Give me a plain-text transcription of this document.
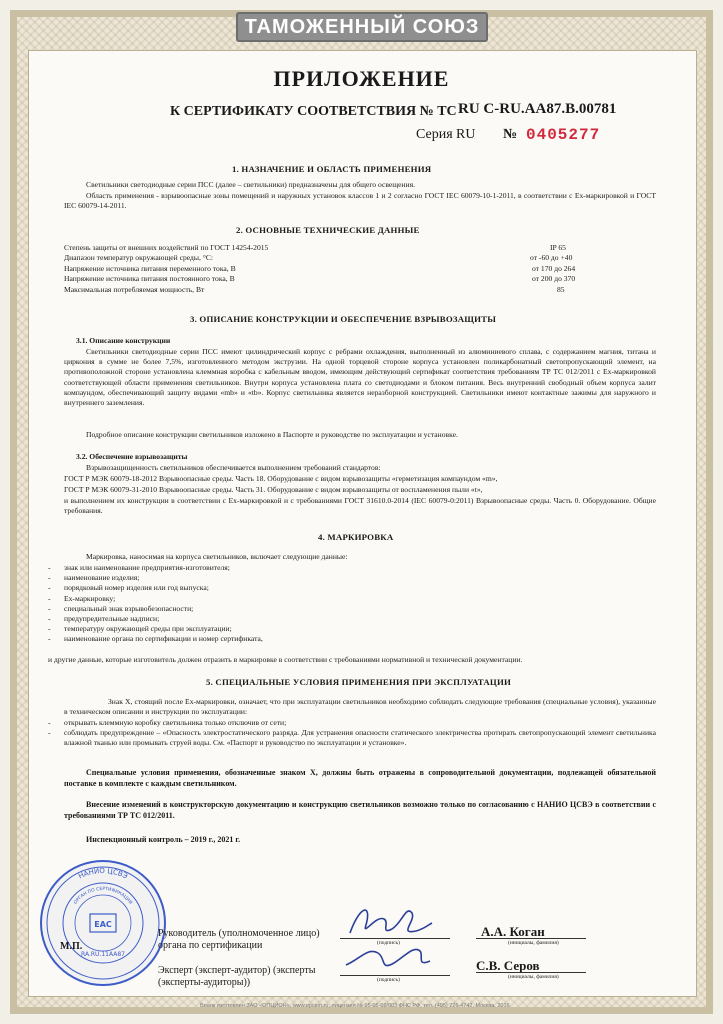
ТАМОЖЕННЫЙ СОЮЗ
ПРИЛОЖЕНИЕ
К СЕРТИФИКАТУ СООТВЕТСТВИЯ № ТС RU C-RU.AA87.B.00781
Серия RU № 0405277
1. НАЗНАЧЕНИЕ И ОБЛАСТЬ ПРИМЕНЕНИЯ
Светильники светодиодные серии ПСС (далее – светильники) предназначены для общего освещения.
Область применения - взрывоопасные зоны помещений и наружных установок классов 1 и 2 согласно ГОСТ IEC 60079-10-1-2011, в соответствии с Ex-маркировкой и ГОСТ IEC 60079-14-2011.
2. ОСНОВНЫЕ ТЕХНИЧЕСКИЕ ДАННЫЕ
Степень защиты от внешних воздействий по ГОСТ 14254-2015	IP 65
Диапазон температур окружающей среды, °С:	от -60 до +40
Напряжение источника питания переменного тока, В	от 170 до 264
Напряжение источника питания постоянного тока, В	от 200 до 370
Максимальная потребляемая мощность, Вт	85
3. ОПИСАНИЕ КОНСТРУКЦИИ И ОБЕСПЕЧЕНИЕ ВЗРЫВОЗАЩИТЫ
3.1. Описание конструкции
Светильники светодиодные серии ПСС имеют цилиндрический корпус с ребрами охлаждения, выполненный из алюминиевого сплава, с содержанием магния, титана и циркония в сумме не более 7,5%, изготовленного методом экструзии. На одной торцевой стороне корпуса установлен поликарбонатный светопропускающий элемент, на противоположной стороне установлена клеммная коробка с кабельным вводом, имеющим действующий сертификат соответствия требованиям ТР ТС 012/2011 с Ex-маркировкой соответствующей области применения светильников. Внутри корпуса установлена плата со светодиодами и блоком питания. Весь внутренний свободный объем корпуса залит компаундом, обеспечивающий защиту видами «mb» и «tb». Корпус светильника является неразборной конструкцией. Светильники имеют контактные зажимы для наружного и внутреннего заземления.
Подробное описание конструкции светильников изложено в Паспорте и руководстве по эксплуатации и установке.
3.2. Обеспечение взрывозащиты
Взрывозащищенность светильников обеспечивается выполнением требований стандартов:
ГОСТ Р МЭК 60079-18-2012 Взрывоопасные среды. Часть 18. Оборудование с видом взрывозащиты «герметизация компаундом «m»,
ГОСТ Р МЭК 60079-31-2010 Взрывоопасные среды. Часть 31. Оборудование с видом взрывозащиты от воспламенения пыли «t»,
и выполнением их конструкции в соответствии с Ex-маркировкой и с требованиями ГОСТ 31610.0-2014 (IEC 60079-0:2011) Взрывоопасные среды. Часть 0. Оборудование. Общие требования.
4. МАРКИРОВКА
Маркировка, наносимая на корпуса светильников, включает следующие данные:
- знак или наименование предприятия-изготовителя;
- наименование изделия;
- порядковый номер изделия или год выпуска;
- Ex-маркировку;
- специальный знак взрывобезопасности;
- предупредительные надписи;
- температуру окружающей среды при эксплуатации;
- наименование органа по сертификации и номер сертификата,
и другие данные, которые изготовитель должен отразить в маркировке в соответствии с требованиями нормативной и технической документации.
5. СПЕЦИАЛЬНЫЕ УСЛОВИЯ ПРИМЕНЕНИЯ ПРИ ЭКСПЛУАТАЦИИ
Знак Х, стоящий после Ex-маркировки, означает, что при эксплуатации светильников необходимо соблюдать следующие требования (специальные условия), указанные в техническом описании и инструкции по эксплуатации:
- открывать клеммную коробку светильника только отключив от сети;
- соблюдать предупреждение – «Опасность электростатического разряда. Для устранения опасности статического электричества протирать светопропускающий элемент светильника влажной тканью или промывать струей воды. См. «Паспорт и руководство по эксплуатации и установке».
Специальные условия применения, обозначенные знаком Х, должны быть отражены в сопроводительной документации, подлежащей обязательной поставке в комплекте с каждым светильником.
Внесение изменений в конструкторскую документацию и конструкцию светильников возможно только по согласованию с НАНИО ЦСВЭ в соответствии с требованиями ТР ТС 012/2011.
Инспекционный контроль – 2019 г., 2021 г.
EAC
НАНИО ЦСВЭ
ОРГАН ПО СЕРТИФИКАЦИИ
RA.RU.11AA87
М.П.
Руководитель (уполномоченное лицо) органа по сертификации
Эксперт (эксперт-аудитор) (эксперты (эксперты-аудиторы))
(подпись)
(подпись)
А.А. Коган
(инициалы, фамилия)
С.В. Серов
(инициалы, фамилия)
Бланк изготовлен ЗАО «ОПЦИОН», www.opcion.ru, лицензия № 05-05-09/003 ФНС РФ, тел. (495) 726-4742, Москва, 2016
